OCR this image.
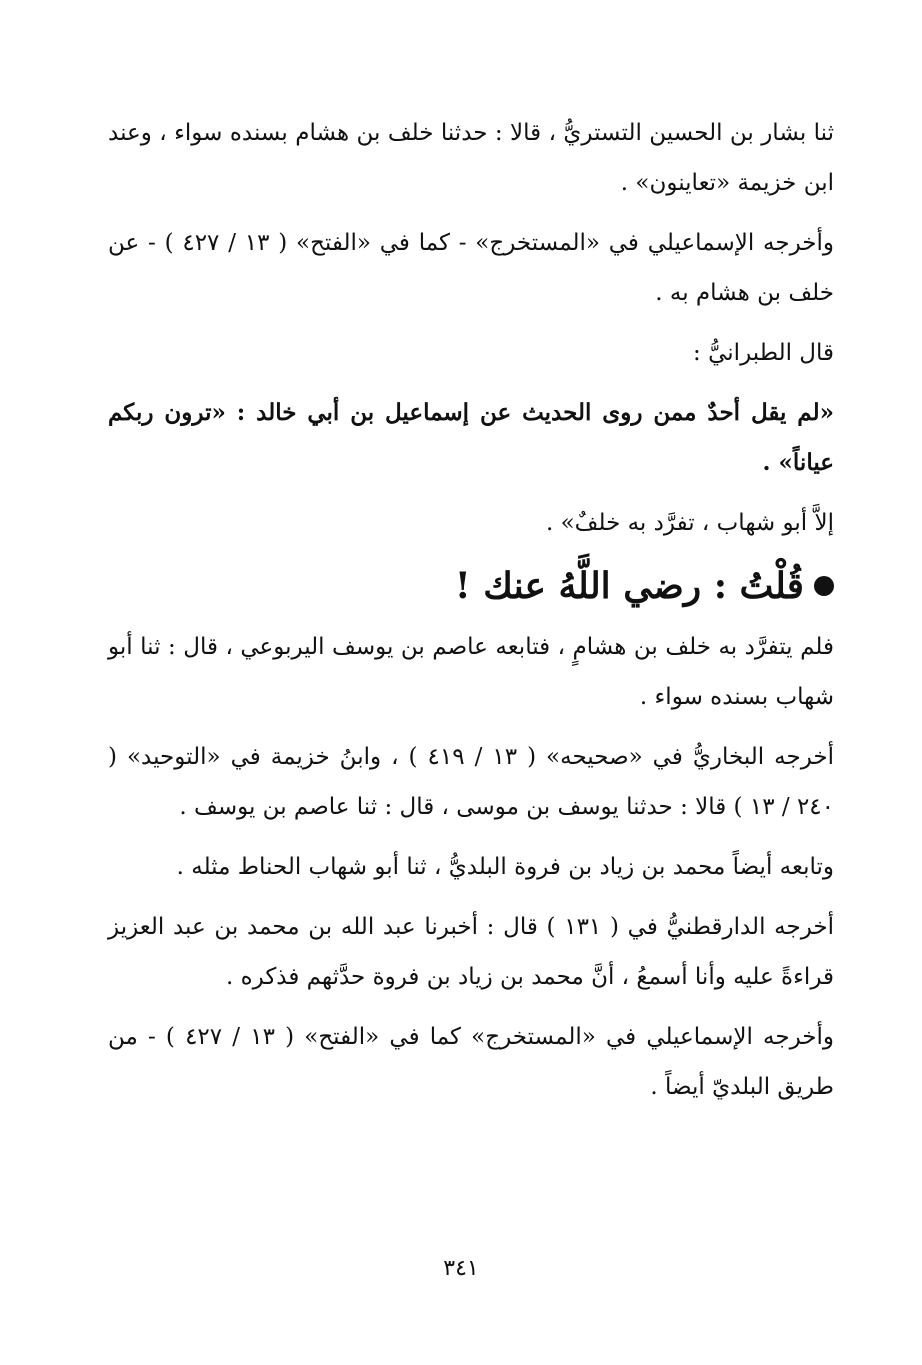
ثنا بشار بن الحسين التستريُّ ، قالا : حدثنا خلف بن هشام بسنده سواء ، وعند ابن خزيمة «تعاينون» .

وأخرجه الإسماعيلي في «المستخرج» - كما في «الفتح» ( ١٣ / ٤٢٧ ) - عن خلف بن هشام به .

قال الطبرانيُّ :

«لم يقل أحدٌ ممن روى الحديث عن إسماعيل بن أبي خالد : «ترون ربكم عياناً» .

إلاَّ أبو شهاب ، تفرَّد به خلفٌ» .

قُلْتُ : رضي اللَّهُ عنك !

فلم يتفرَّد به خلف بن هشامٍ ، فتابعه عاصم بن يوسف اليربوعي ، قال : ثنا أبو شهاب بسنده سواء .

أخرجه البخاريُّ في «صحيحه» ( ١٣ / ٤١٩ ) ، وابنُ خزيمة في «التوحيد» ( ٢٤٠ / ١٣ ) قالا : حدثنا يوسف بن موسى ، قال : ثنا عاصم بن يوسف .

وتابعه أيضاً محمد بن زياد بن فروة البلديُّ ، ثنا أبو شهاب الحناط مثله .

أخرجه الدارقطنيُّ في ( ١٣١ ) قال : أخبرنا عبد الله بن محمد بن عبد العزيز قراءةً عليه وأنا أسمعُ ، أنَّ محمد بن زياد بن فروة حدَّثهم فذكره .

وأخرجه الإسماعيلي في «المستخرج» كما في «الفتح» ( ١٣ / ٤٢٧ ) - من طريق البلديّ أيضاً .

٣٤١
